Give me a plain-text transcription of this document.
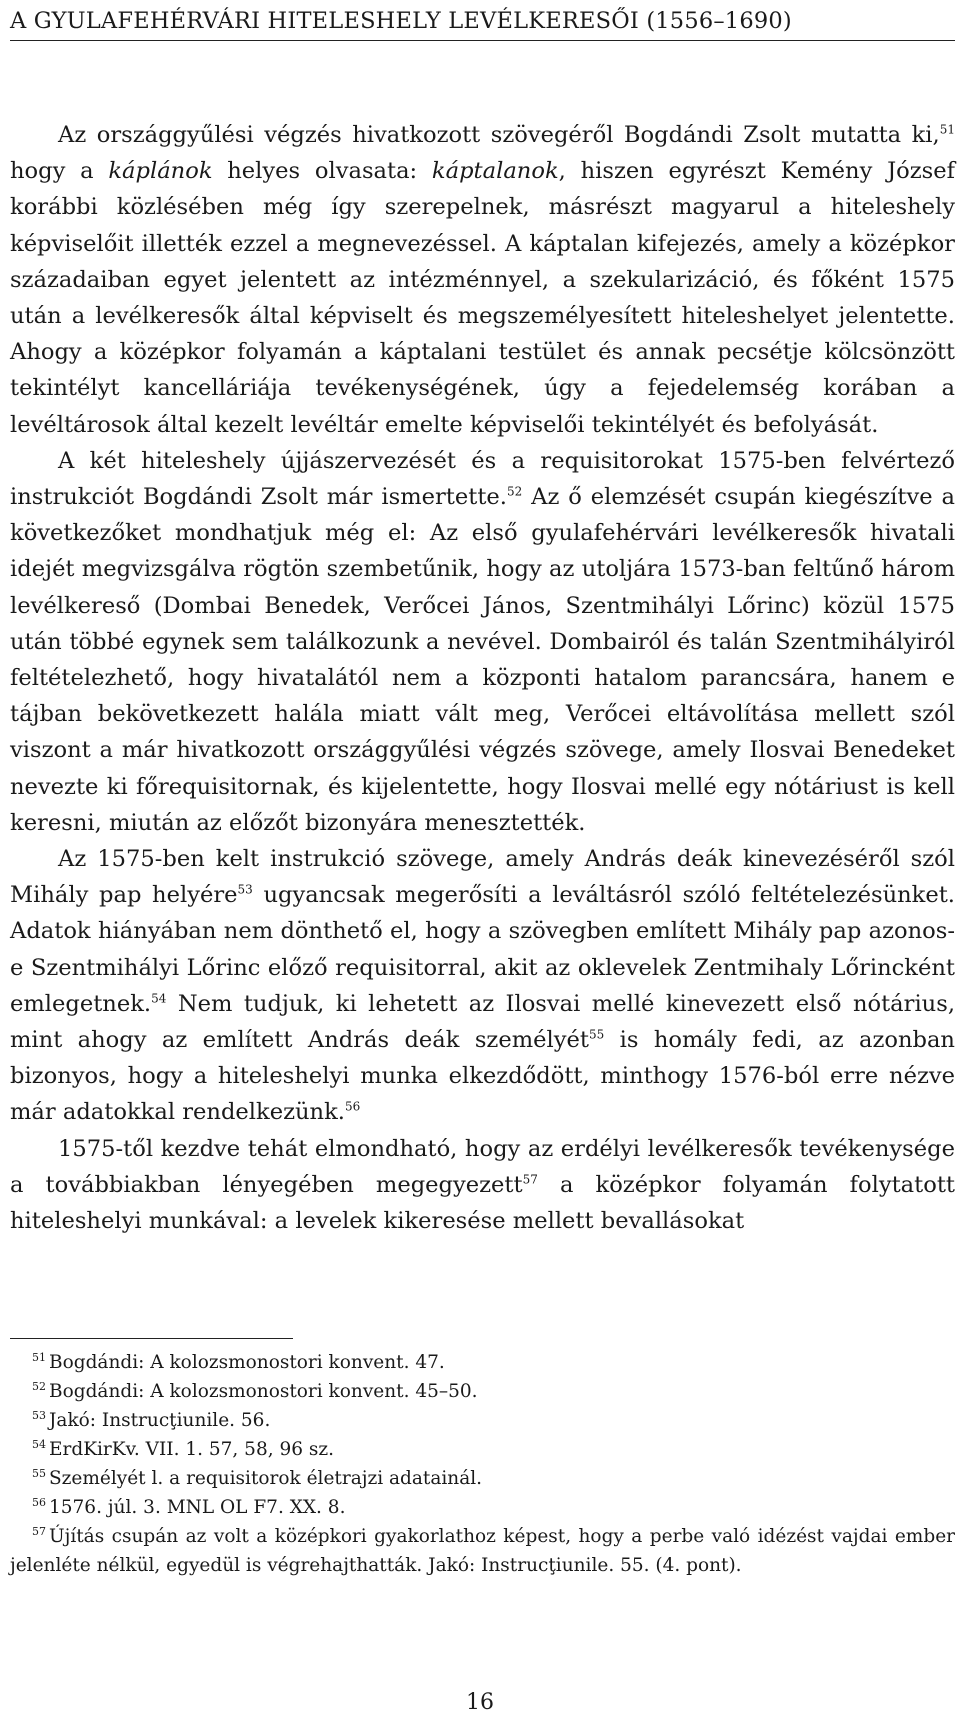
A GYULAFEHÉRVÁRI HITELESHELY LEVÉLKERESŐI (1556–1690)

Az országgyűlési végzés hivatkozott szövegéről Bogdándi Zsolt mutatta ki,$^{51}$ hogy a káplánok helyes olvasata: káptalanok, hiszen egyrészt Kemény József korábbi közlésében még így szerepelnek, másrészt magyarul a hiteleshely képviselőit illették ezzel a megnevezéssel. A káptalan kifejezés, amely a középkor századaiban egyet jelentett az intézménnyel, a szekularizáció, és főként 1575 után a levélkeresők által képviselt és megszemélyesített hiteleshelyet jelentette. Ahogy a középkor folyamán a káptalani testület és annak pecsétje kölcsönzött tekintélyt kancelláriája tevékenységének, úgy a fejedelemség korában a levéltárosok által kezelt levéltár emelte képviselői tekintélyét és befolyását.

A két hiteleshely újjászervezését és a requisitorokat 1575-ben felvértező instrukciót Bogdándi Zsolt már ismertette.$^{52}$ Az ő elemzését csupán kiegészítve a következőket mondhatjuk még el: Az első gyulafehérvári levélkeresők hivatali idejét megvizsgálva rögtön szembetűnik, hogy az utoljára 1573-ban feltűnő három levélkereső (Dombai Benedek, Verőcei János, Szentmihályi Lőrinc) közül 1575 után többé egynek sem találkozunk a nevével. Dombairól és talán Szentmihályiról feltételezhető, hogy hivatalától nem a központi hatalom parancsára, hanem e tájban bekövetkezett halála miatt vált meg, Verőcei eltávolítása mellett szól viszont a már hivatkozott országgyűlési végzés szövege, amely Ilosvai Benedeket nevezte ki főrequisitornak, és kijelentette, hogy Ilosvai mellé egy nótáriust is kell keresni, miután az előzőt bizonyára menesztették.

Az 1575-ben kelt instrukció szövege, amely András deák kinevezéséről szól Mihály pap helyére$^{53}$ ugyancsak megerősíti a leváltásról szóló feltételezésünket. Adatok hiányában nem dönthető el, hogy a szövegben említett Mihály pap azonos-e Szentmihályi Lőrinc előző requisitorral, akit az oklevelek Zentmihaly Lőrincként emlegetnek.$^{54}$ Nem tudjuk, ki lehetett az Ilosvai mellé kinevezett első nótárius, mint ahogy az említett András deák személyét$^{55}$ is homály fedi, az azonban bizonyos, hogy a hiteleshelyi munka elkezdődött, minthogy 1576-ból erre nézve már adatokkal rendelkezünk.$^{56}$

1575-től kezdve tehát elmondható, hogy az erdélyi levélkeresők tevékenysége a továbbiakban lényegében megegyezett$^{57}$ a középkor folyamán folytatott hiteleshelyi munkával: a levelek kikeresése mellett bevallásokat

$^{51}$ Bogdándi: A kolozsmonostori konvent. 47.

$^{52}$ Bogdándi: A kolozsmonostori konvent. 45–50.

$^{53}$ Jakó: Instrucţiunile. 56.

$^{54}$ ErdKirKv. VII. 1. 57, 58, 96 sz.

$^{55}$ Személyét l. a requisitorok életrajzi adatainál.

$^{56}$ 1576. júl. 3. MNL OL F7. XX. 8.

$^{57}$ Újítás csupán az volt a középkori gyakorlathoz képest, hogy a perbe való idézést vajdai ember jelenléte nélkül, egyedül is végrehajthatták. Jakó: Instrucţiunile. 55. (4. pont).

16
